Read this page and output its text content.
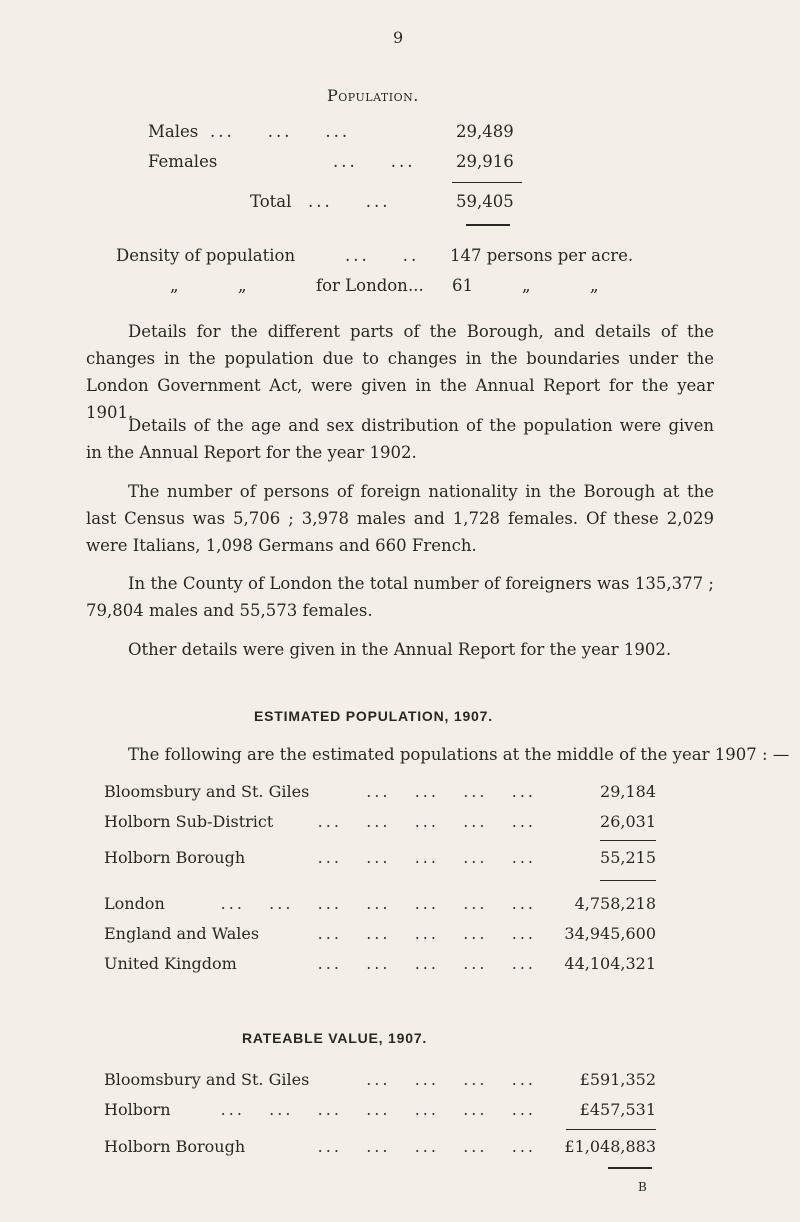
9
Population.
Males ...    ...    ...	29,489
Females	...    ... 29,916
Total ...    ...	59,405
Density of population	...    .. 147 persons per acre.
„	„	for London ... 61	„	„

Details for the different parts of the Borough, and details of the changes in the population due to changes in the boundaries under the London Government Act, were given in the Annual Report for the year 1901.

Details of the age and sex distribution of the population were given in the Annual Report for the year 1902.

The number of persons of foreign nationality in the Borough at the last Census was 5,706 ; 3,978 males and 1,728 females. Of these 2,029 were Italians, 1,098 Germans and 660 French.

In the County of London the total number of foreigners was 135,377 ; 79,804 males and 55,573 females.

Other details were given in the Annual Report for the year 1902.

ESTIMATED POPULATION, 1907.
The following are the estimated populations at the middle of the year 1907 : —
Bloomsbury and St. Giles	...   ...   ...   ...	29,184
Holborn Sub-District	...   ...   ...   ...   ...	26,031
Holborn Borough	...   ...   ...   ...   ...	55,215
London	...   ...   ...   ...   ...   ...   ... 4,758,218
England and Wales	...   ...   ...   ...   ... 34,945,600
United Kingdom	...   ...   ...   ...   ... 44,104,321
RATEABLE VALUE, 1907.
Bloomsbury and St. Giles	...   ...   ...   ...	£591,352
Holborn	...   ...   ...   ...   ...   ...   ...	£457,531
Holborn Borough	...   ...   ...   ...   ... £1,048,883
B
